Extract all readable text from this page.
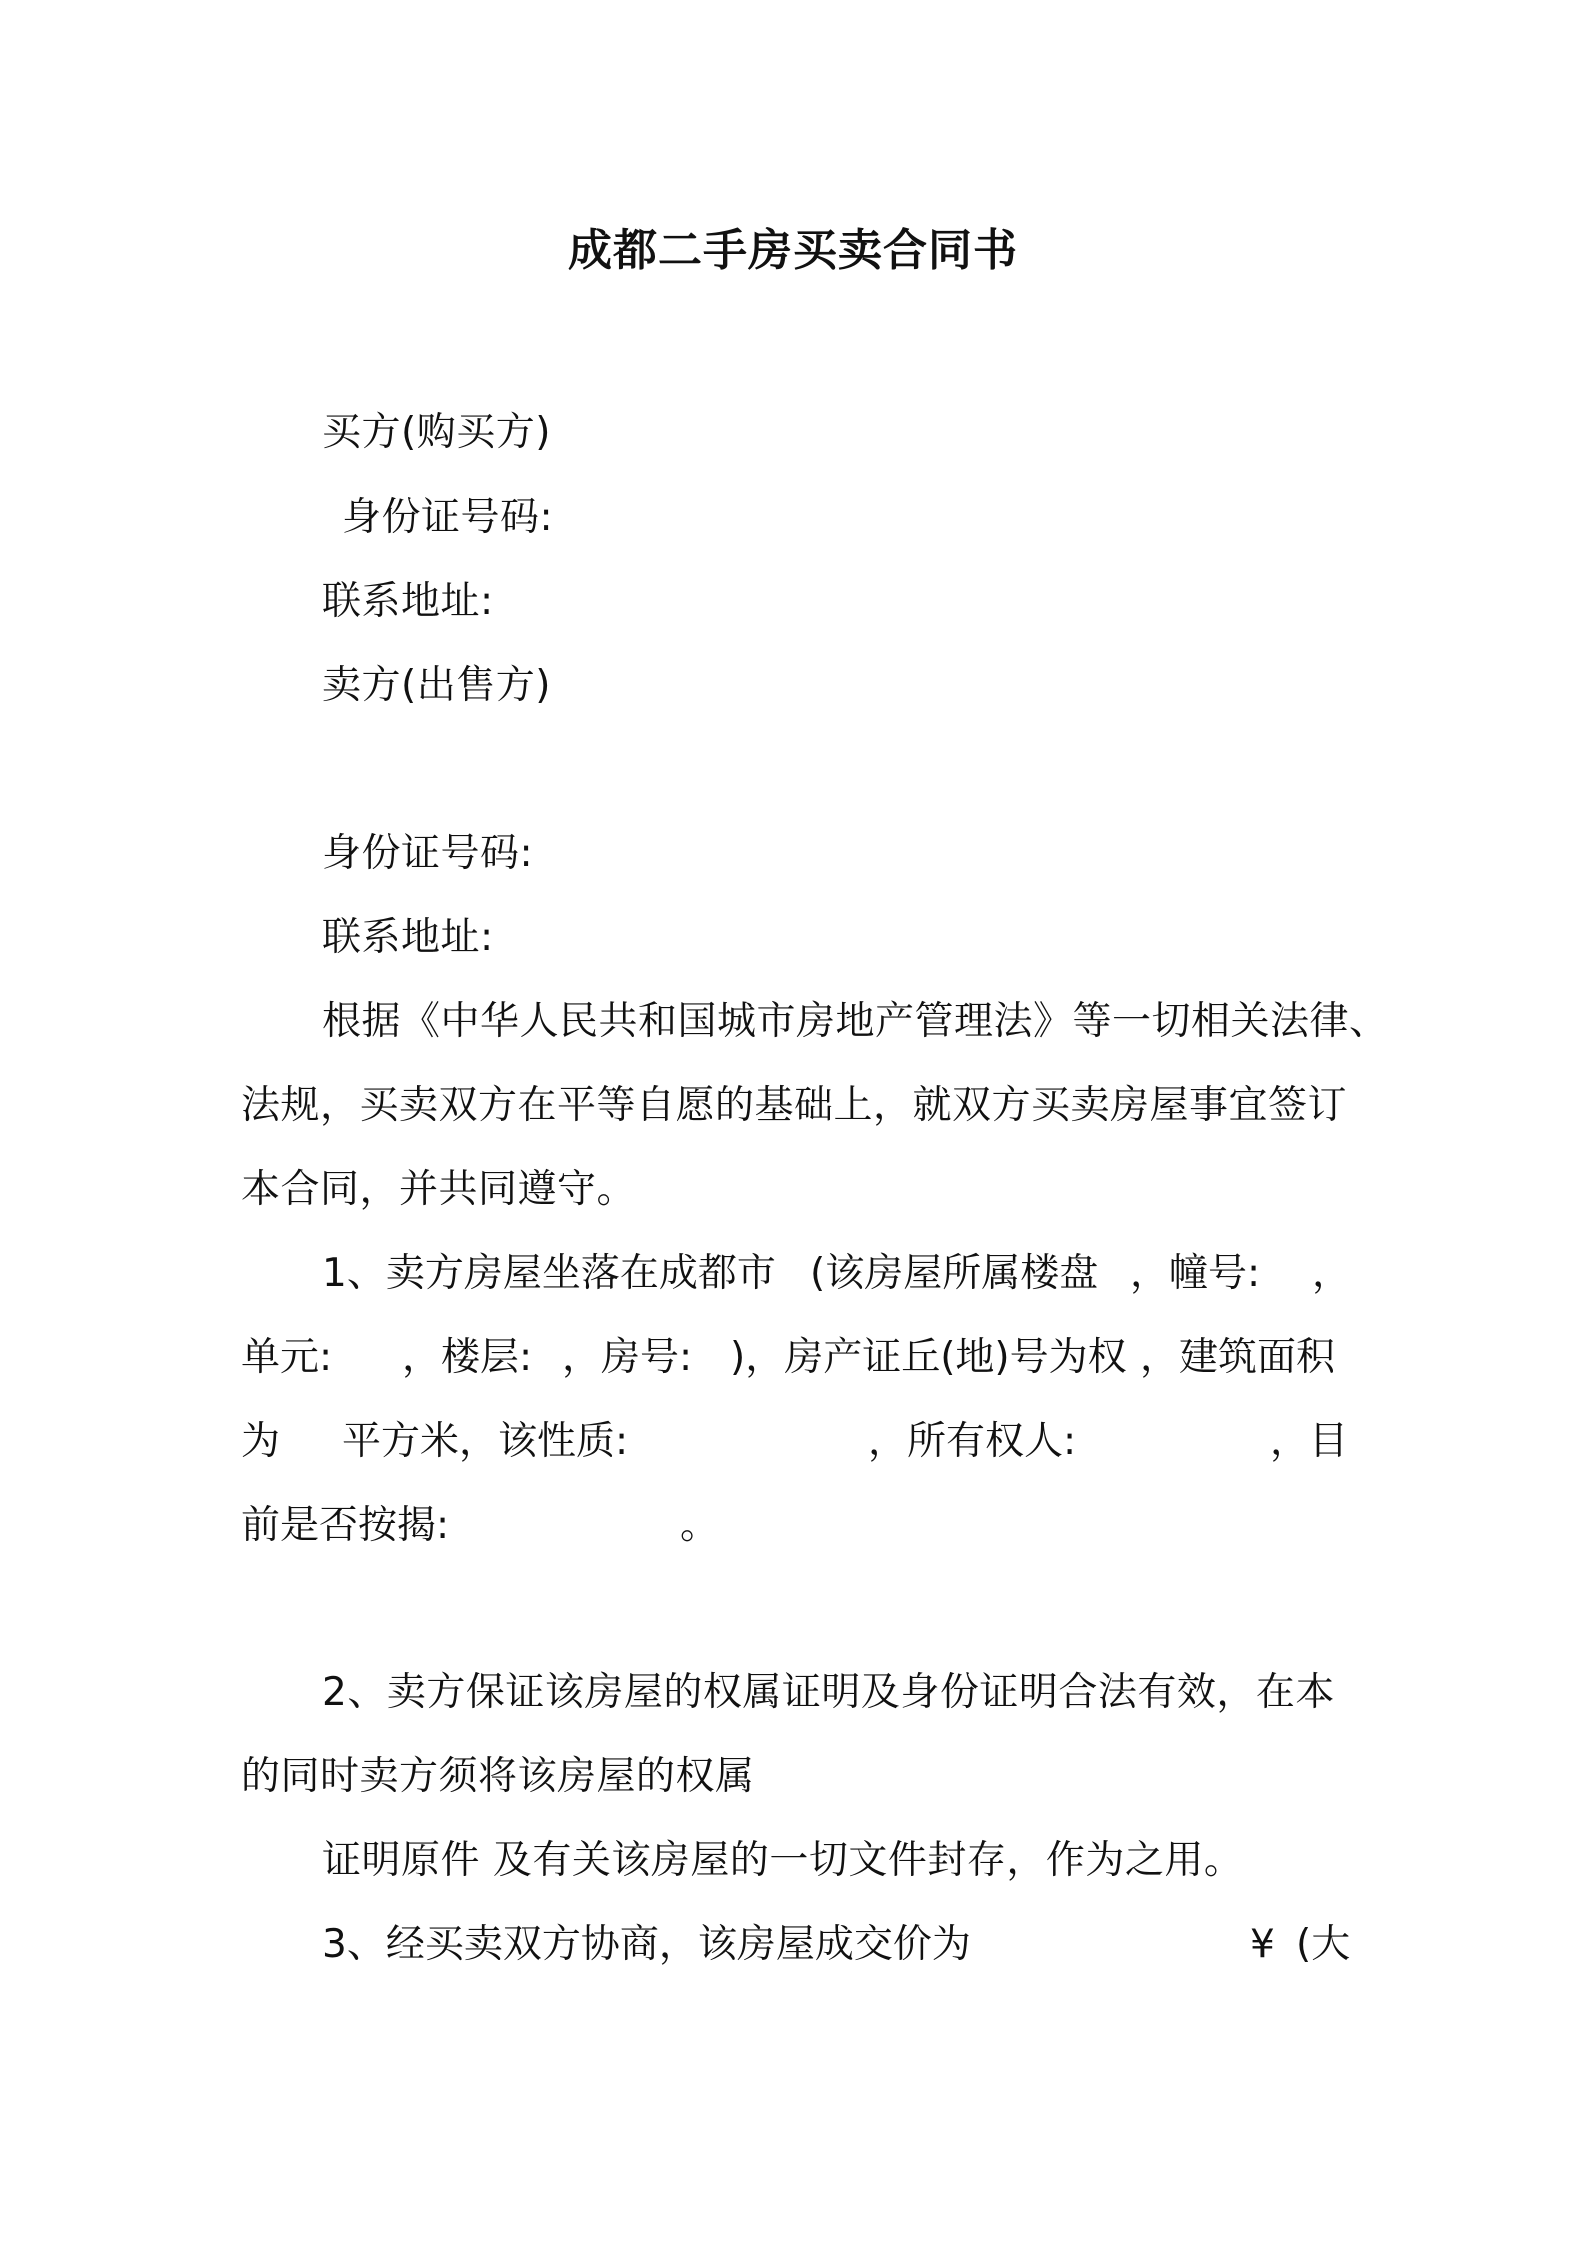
成都二手房买卖合同书
买方(购买方)
身份证号码:
联系地址:
卖方(出售方)
身份证号码:
联系地址:
根据《中华人民共和国城市房地产管理法》等一切相关法律、
法规，买卖双方在平等自愿的基础上，就双方买卖房屋事宜签订
本合同，并共同遵守。
1、卖方房屋坐落在成都市 (该房屋所属楼盘 ，幢号: ，
单元: ，楼层: ，房号: )，房产证丘(地)号为权 ，建筑面积
为 平方米，该性质:	，所有权人:	，目
前是否按揭:	。
2、卖方保证该房屋的权属证明及身份证明合法有效，在本
的同时卖方须将该房屋的权属
证明原件 及有关该房屋的一切文件封存，作为之用。
3、经买卖双方协商，该房屋成交价为	¥ (大
